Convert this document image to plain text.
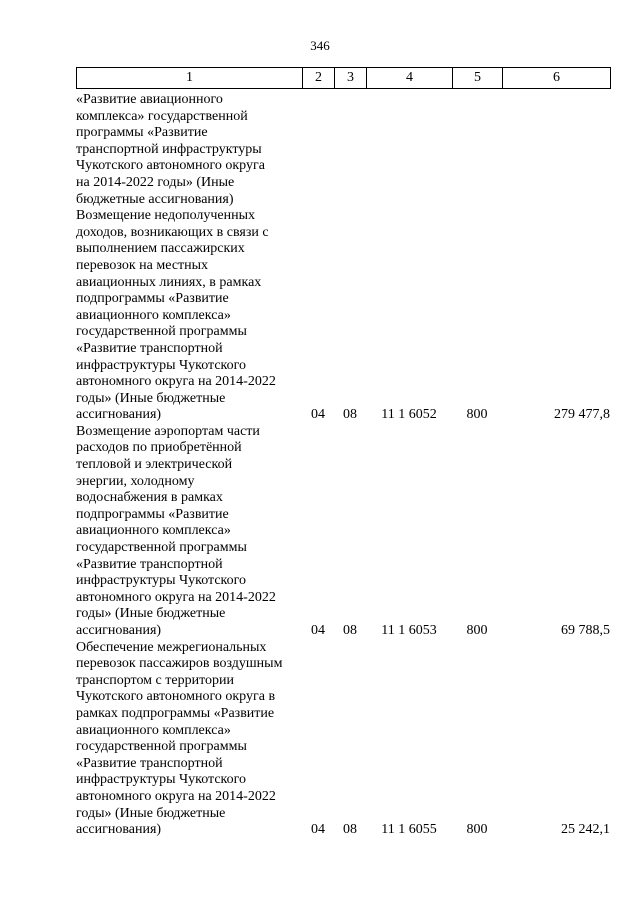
346
1	2	3	4	5	6
«Развитие авиационного
комплекса» государственной
программы «Развитие
транспортной инфраструктуры
Чукотского автономного округа
на 2014-2022 годы» (Иные
бюджетные ассигнования)
Возмещение недополученных
доходов, возникающих в связи с
выполнением пассажирских
перевозок на местных
авиационных линиях, в рамках
подпрограммы «Развитие
авиационного комплекса»
государственной программы
«Развитие транспортной
инфраструктуры Чукотского
автономного округа на 2014-2022
годы» (Иные бюджетные
ассигнования)	04	08	11 1 6052	800	279 477,8
Возмещение аэропортам части
расходов по приобретённой
тепловой и электрической
энергии, холодному
водоснабжения в рамках
подпрограммы «Развитие
авиационного комплекса»
государственной программы
«Развитие транспортной
инфраструктуры Чукотского
автономного округа на 2014-2022
годы» (Иные бюджетные
ассигнования)	04	08	11 1 6053	800	69 788,5
Обеспечение межрегиональных
перевозок пассажиров воздушным
транспортом с территории
Чукотского автономного округа в
рамках подпрограммы «Развитие
авиационного комплекса»
государственной программы
«Развитие транспортной
инфраструктуры Чукотского
автономного округа на 2014-2022
годы» (Иные бюджетные
ассигнования)	04	08	11 1 6055	800	25 242,1
